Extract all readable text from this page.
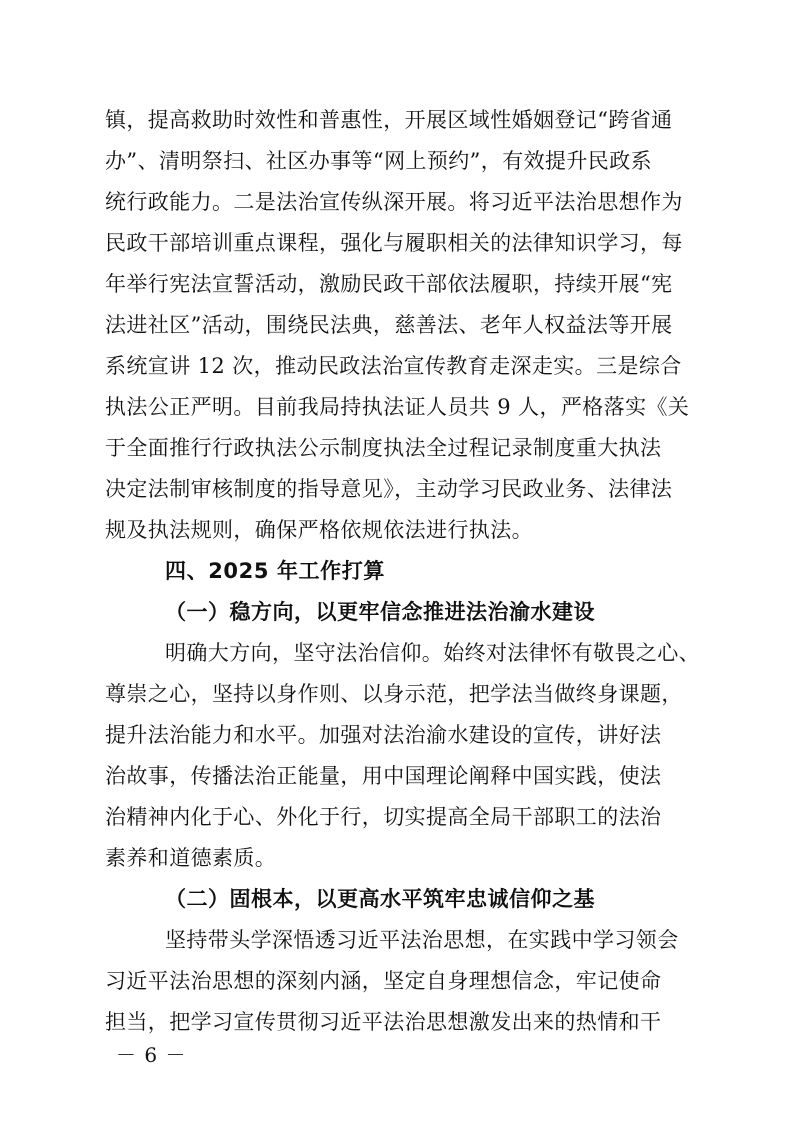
镇，提高救助时效性和普惠性，开展区域性婚姻登记“跨省通
办”、清明祭扫、社区办事等“网上预约”，有效提升民政系
统行政能力。二是法治宣传纵深开展。将习近平法治思想作为
民政干部培训重点课程，强化与履职相关的法律知识学习，每
年举行宪法宣誓活动，激励民政干部依法履职，持续开展“宪
法进社区”活动，围绕民法典，慈善法、老年人权益法等开展
系统宣讲 12 次，推动民政法治宣传教育走深走实。三是综合
执法公正严明。目前我局持执法证人员共 9 人，严格落实《关
于全面推行行政执法公示制度执法全过程记录制度重大执法
决定法制审核制度的指导意见》，主动学习民政业务、法律法
规及执法规则，确保严格依规依法进行执法。
四、2025 年工作打算
（一）稳方向，以更牢信念推进法治渝水建设
明确大方向，坚守法治信仰。始终对法律怀有敬畏之心、
尊崇之心，坚持以身作则、以身示范，把学法当做终身课题，
提升法治能力和水平。加强对法治渝水建设的宣传，讲好法
治故事，传播法治正能量，用中国理论阐释中国实践，使法
治精神内化于心、外化于行，切实提高全局干部职工的法治
素养和道德素质。
（二）固根本，以更高水平筑牢忠诚信仰之基
坚持带头学深悟透习近平法治思想，在实践中学习领会
习近平法治思想的深刻内涵，坚定自身理想信念，牢记使命
担当，把学习宣传贯彻习近平法治思想激发出来的热情和干
－ 6 －
